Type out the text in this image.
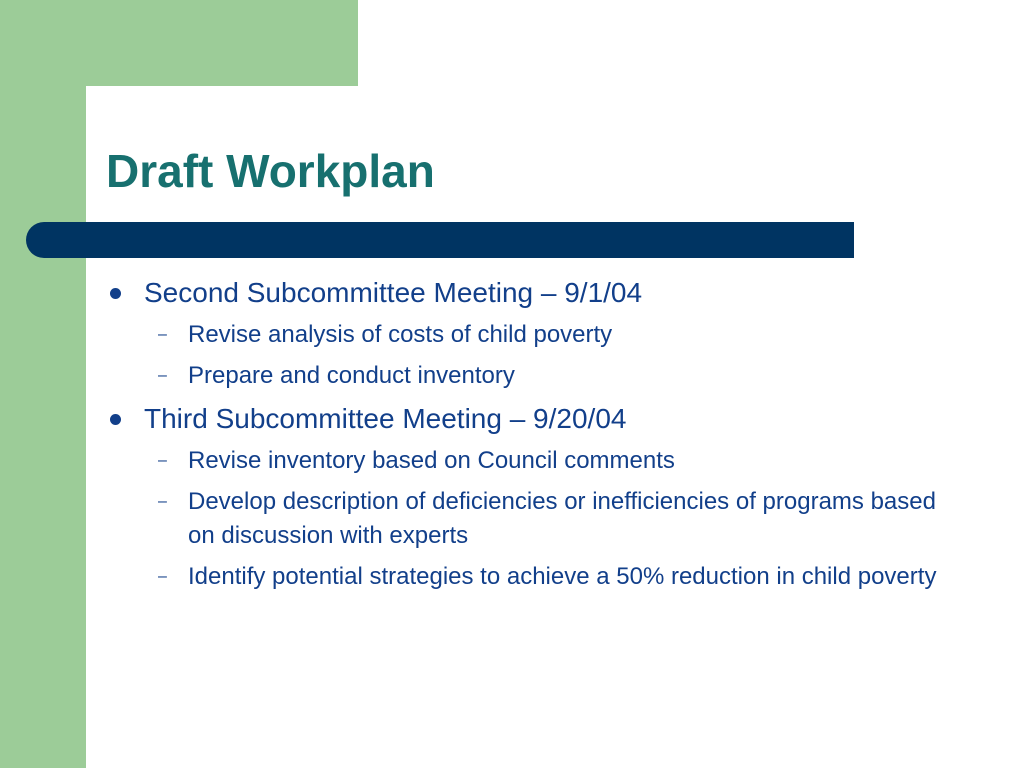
Draft Workplan
Second Subcommittee Meeting – 9/1/04
– Revise analysis of costs of child poverty
– Prepare and conduct inventory
Third Subcommittee Meeting – 9/20/04
– Revise inventory based on Council comments
– Develop description of deficiencies or inefficiencies of programs based on discussion with experts
– Identify potential strategies to achieve a 50% reduction in child poverty
